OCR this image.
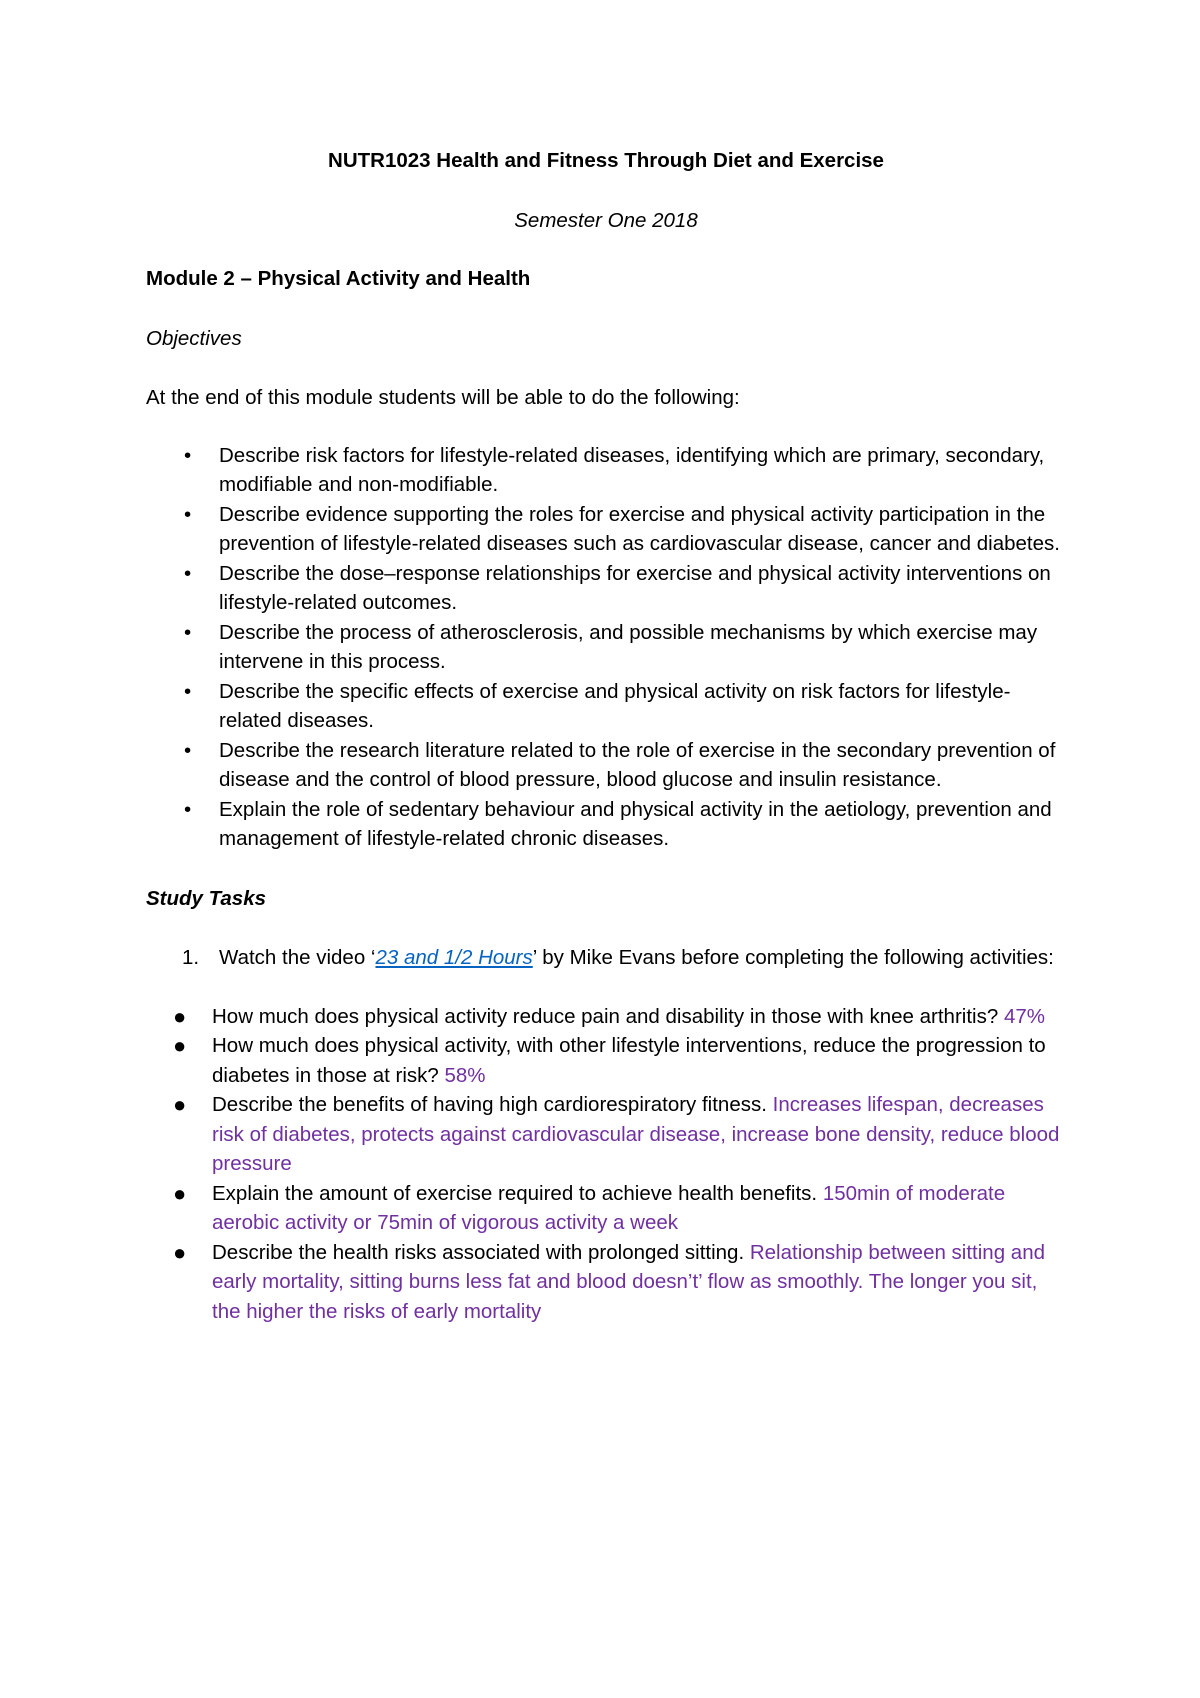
NUTR1023 Health and Fitness Through Diet and Exercise
Semester One 2018
Module 2 – Physical Activity and Health
Objectives
At the end of this module students will be able to do the following:
• Describe risk factors for lifestyle-related diseases, identifying which are primary, secondary, modifiable and non-modifiable.
• Describe evidence supporting the roles for exercise and physical activity participation in the prevention of lifestyle-related diseases such as cardiovascular disease, cancer and diabetes.
• Describe the dose–response relationships for exercise and physical activity interventions on lifestyle-related outcomes.
• Describe the process of atherosclerosis, and possible mechanisms by which exercise may intervene in this process.
• Describe the specific effects of exercise and physical activity on risk factors for lifestyle-related diseases.
• Describe the research literature related to the role of exercise in the secondary prevention of disease and the control of blood pressure, blood glucose and insulin resistance.
• Explain the role of sedentary behaviour and physical activity in the aetiology, prevention and management of lifestyle-related chronic diseases.
Study Tasks
1. Watch the video ‘23 and 1/2 Hours’ by Mike Evans before completing the following activities:
● How much does physical activity reduce pain and disability in those with knee arthritis? 47%
● How much does physical activity, with other lifestyle interventions, reduce the progression to diabetes in those at risk? 58%
● Describe the benefits of having high cardiorespiratory fitness. Increases lifespan, decreases risk of diabetes, protects against cardiovascular disease, increase bone density, reduce blood pressure
● Explain the amount of exercise required to achieve health benefits. 150min of moderate aerobic activity or 75min of vigorous activity a week
● Describe the health risks associated with prolonged sitting. Relationship between sitting and early mortality, sitting burns less fat and blood doesn’t’ flow as smoothly. The longer you sit, the higher the risks of early mortality
